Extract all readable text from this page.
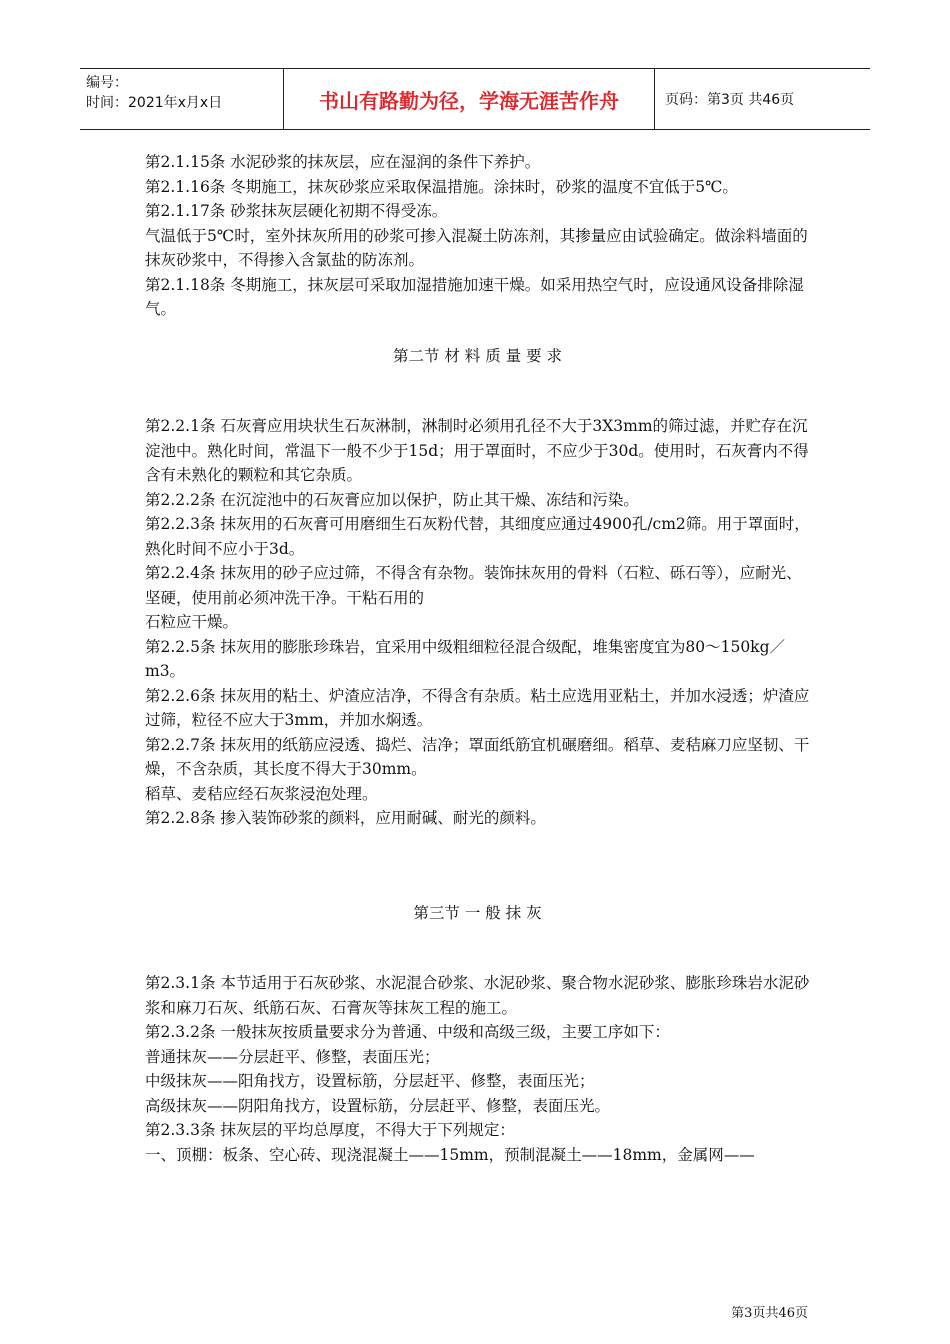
编号：
时间：2021年x月x日	书山有路勤为径，学海无涯苦作舟	页码：第3页 共46页

第2.1.15条 水泥砂浆的抹灰层，应在湿润的条件下养护。

第2.1.16条 冬期施工，抹灰砂浆应采取保温措施。涂抹时，砂浆的温度不宜低于5℃。

第2.1.17条 砂浆抹灰层硬化初期不得受冻。

气温低于5℃时，室外抹灰所用的砂浆可掺入混凝土防冻剂，其掺量应由试验确定。做涂料墙面的抹灰砂浆中，不得掺入含氯盐的防冻剂。

第2.1.18条 冬期施工，抹灰层可采取加湿措施加速干燥。如采用热空气时，应设通风设备排除湿气。

第二节 材 料 质 量 要 求

第2.2.1条 石灰膏应用块状生石灰淋制，淋制时必须用孔径不大于3X3mm的筛过滤，并贮存在沉淀池中。熟化时间，常温下一般不少于15d；用于罩面时，不应少于30d。使用时，石灰膏内不得含有未熟化的颗粒和其它杂质。

第2.2.2条 在沉淀池中的石灰膏应加以保护，防止其干燥、冻结和污染。

第2.2.3条 抹灰用的石灰膏可用磨细生石灰粉代替，其细度应通过4900孔/cm2筛。用于罩面时，熟化时间不应小于3d。

第2.2.4条 抹灰用的砂子应过筛，不得含有杂物。装饰抹灰用的骨料（石粒、砾石等），应耐光、坚硬，使用前必须冲洗干净。干粘石用的

石粒应干燥。

第2.2.5条 抹灰用的膨胀珍珠岩，宜采用中级粗细粒径混合级配，堆集密度宜为80～150kg／m3。

第2.2.6条 抹灰用的粘土、炉渣应洁净，不得含有杂质。粘土应选用亚粘土，并加水浸透；炉渣应过筛，粒径不应大于3mm，并加水焖透。

第2.2.7条 抹灰用的纸筋应浸透、捣烂、洁净；罩面纸筋宜机碾磨细。稻草、麦秸麻刀应坚韧、干燥，不含杂质，其长度不得大于30mm。

稻草、麦秸应经石灰浆浸泡处理。

第2.2.8条 掺入装饰砂浆的颜料，应用耐碱、耐光的颜料。

第三节 一 般 抹 灰

第2.3.1条 本节适用于石灰砂浆、水泥混合砂浆、水泥砂浆、聚合物水泥砂浆、膨胀珍珠岩水泥砂浆和麻刀石灰、纸筋石灰、石膏灰等抹灰工程的施工。

第2.3.2条 一般抹灰按质量要求分为普通、中级和高级三级，主要工序如下：

普通抹灰——分层赶平、修整，表面压光；

中级抹灰——阳角找方，设置标筋，分层赶平、修整，表面压光；

高级抹灰——阴阳角找方，设置标筋，分层赶平、修整，表面压光。

第2.3.3条 抹灰层的平均总厚度，不得大于下列规定：

一、顶棚：板条、空心砖、现浇混凝土——15mm，预制混凝土——18mm，金属网——

第3页共46页
